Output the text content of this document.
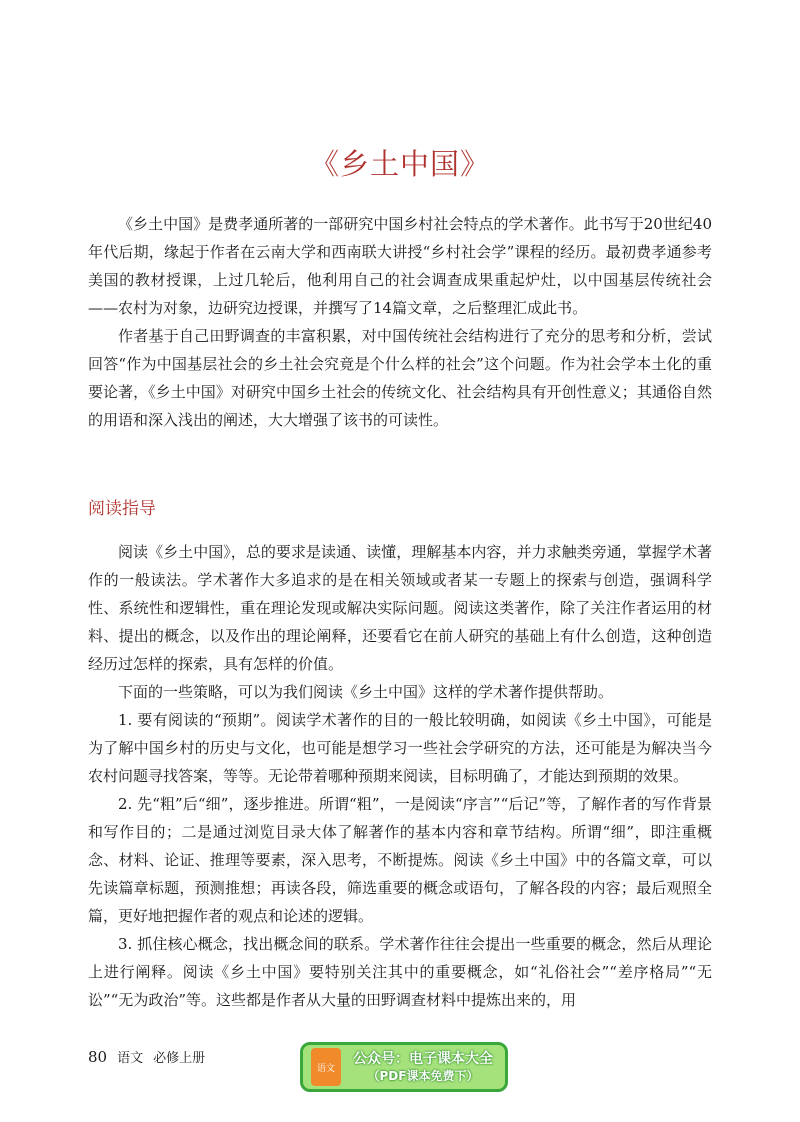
《乡土中国》

《乡土中国》是费孝通所著的一部研究中国乡村社会特点的学术著作。此书写于20世纪40年代后期，缘起于作者在云南大学和西南联大讲授“乡村社会学”课程的经历。最初费孝通参考美国的教材授课，上过几轮后，他利用自己的社会调查成果重起炉灶，以中国基层传统社会——农村为对象，边研究边授课，并撰写了14篇文章，之后整理汇成此书。

作者基于自己田野调查的丰富积累，对中国传统社会结构进行了充分的思考和分析，尝试回答“作为中国基层社会的乡土社会究竟是个什么样的社会”这个问题。作为社会学本土化的重要论著，《乡土中国》对研究中国乡土社会的传统文化、社会结构具有开创性意义；其通俗自然的用语和深入浅出的阐述，大大增强了该书的可读性。

阅读指导

阅读《乡土中国》，总的要求是读通、读懂，理解基本内容，并力求触类旁通，掌握学术著作的一般读法。学术著作大多追求的是在相关领域或者某一专题上的探索与创造，强调科学性、系统性和逻辑性，重在理论发现或解决实际问题。阅读这类著作，除了关注作者运用的材料、提出的概念，以及作出的理论阐释，还要看它在前人研究的基础上有什么创造，这种创造经历过怎样的探索，具有怎样的价值。

下面的一些策略，可以为我们阅读《乡土中国》这样的学术著作提供帮助。

1. 要有阅读的“预期”。阅读学术著作的目的一般比较明确，如阅读《乡土中国》，可能是为了解中国乡村的历史与文化，也可能是想学习一些社会学研究的方法，还可能是为解决当今农村问题寻找答案，等等。无论带着哪种预期来阅读，目标明确了，才能达到预期的效果。

2. 先“粗”后“细”，逐步推进。所谓“粗”，一是阅读“序言”“后记”等，了解作者的写作背景和写作目的；二是通过浏览目录大体了解著作的基本内容和章节结构。所谓“细”，即注重概念、材料、论证、推理等要素，深入思考，不断提炼。阅读《乡土中国》中的各篇文章，可以先读篇章标题，预测推想；再读各段，筛选重要的概念或语句，了解各段的内容；最后观照全篇，更好地把握作者的观点和论述的逻辑。

3. 抓住核心概念，找出概念间的联系。学术著作往往会提出一些重要的概念，然后从理论上进行阐释。阅读《乡土中国》要特别关注其中的重要概念，如“礼俗社会”“差序格局”“无讼”“无为政治”等。这些都是作者从大量的田野调查材料中提炼出来的，用

80 语文 必修上册
语文
公众号：电子课本大全
（PDF课本免费下）
